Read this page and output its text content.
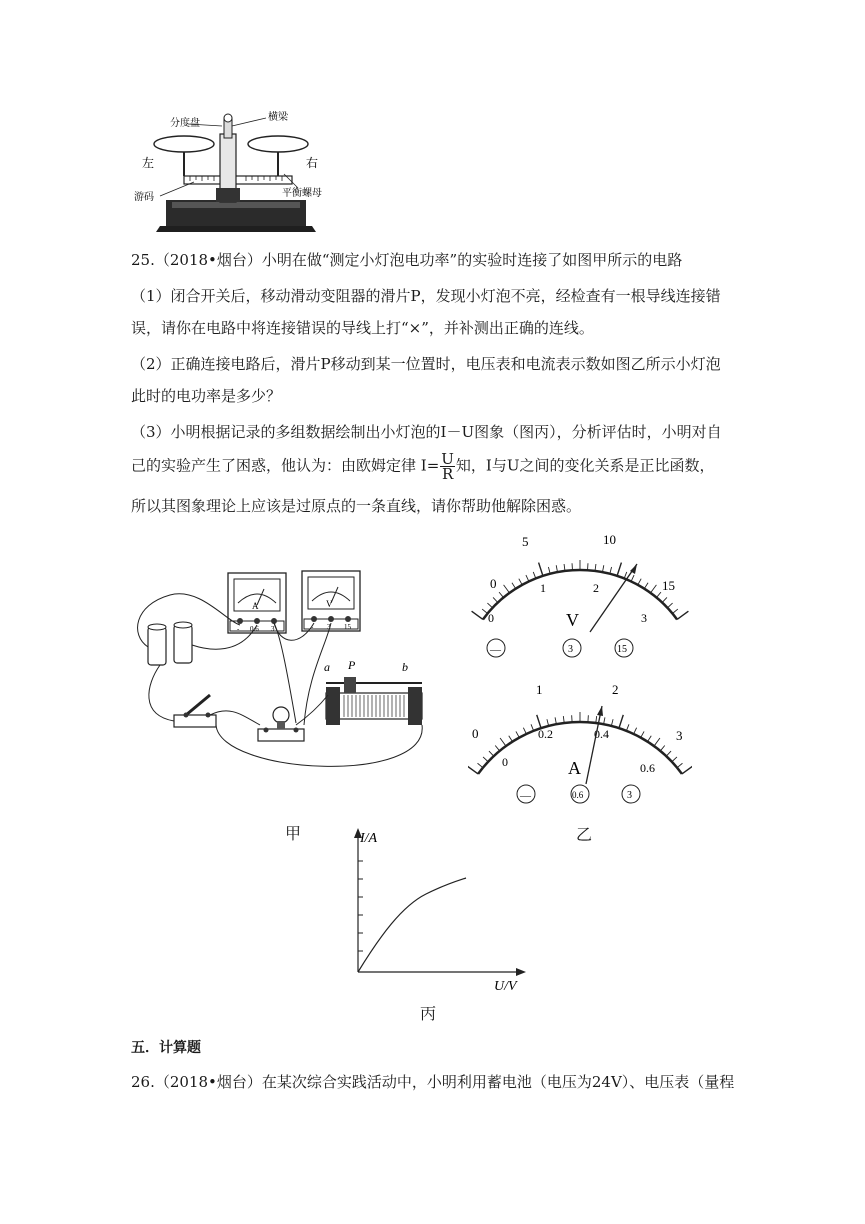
分度盘
横梁
左	右
游码	平衡螺母
25.（2018•烟台）小明在做“测定小灯泡电功率”的实验时连接了如图甲所示的电路
（1）闭合开关后，移动滑动变阻器的滑片P，发现小灯泡不亮，经检查有一根导线连接错
误，请你在电路中将连接错误的导线上打“×”，并补测出正确的连线。
（2）正确连接电路后，滑片P移动到某一位置时，电压表和电流表示数如图乙所示小灯泡
此时的电功率是多少？
（3）小明根据记录的多组数据绘制出小灯泡的I－U图象（图丙），分析评估时，小明对自
己的实验产生了困惑，他认为：由欧姆定律 $I= \frac{U}{R}$ 知，I与U之间的变化关系是正比函数，
所以其图象理论上应该是过原点的一条直线，请你帮助他解除困惑。
A
- 0.6 3
V
- 3 15
a P	b
甲
0
5	10
15
0
1	2
3
V
—	3	15
0
1	2
3
0
0.2	0.4
0.6
A
—	0.6	3
乙
I/A
U/V
丙
五．计算题
26.（2018•烟台）在某次综合实践活动中，小明利用蓄电池（电压为24V）、电压表（量程
